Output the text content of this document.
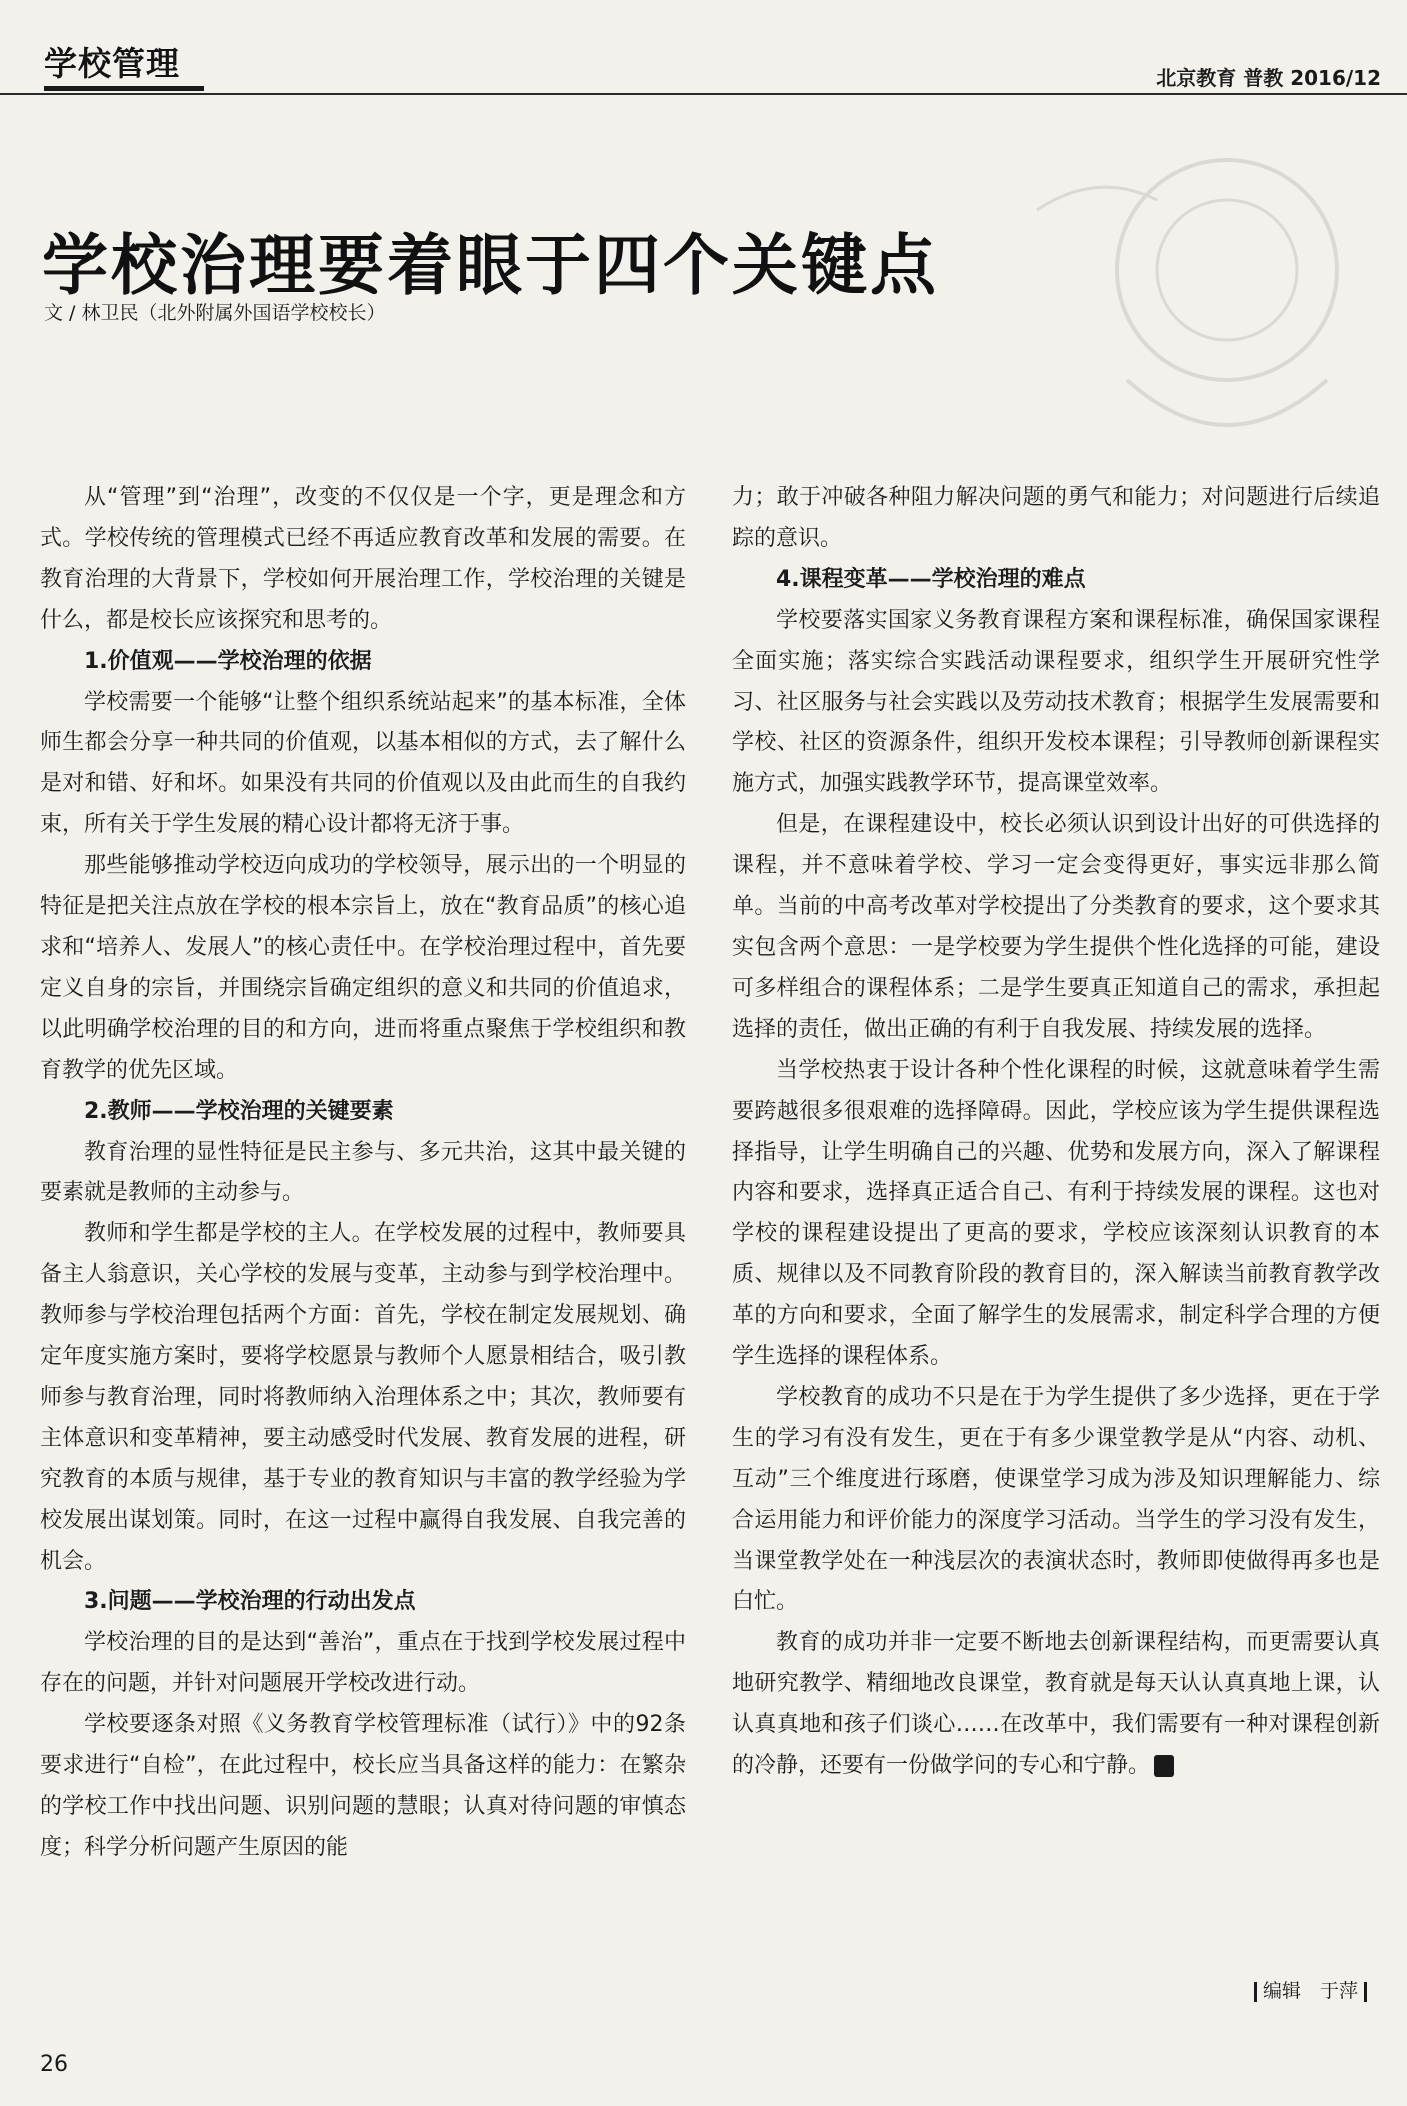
学校管理	北京教育 普教 2016/12
学校治理要着眼于四个关键点
文 / 林卫民（北外附属外国语学校校长）

从“管理”到“治理”，改变的不仅仅是一个字，更是理念和方式。学校传统的管理模式已经不再适应教育改革和发展的需要。在教育治理的大背景下，学校如何开展治理工作，学校治理的关键是什么，都是校长应该探究和思考的。

1.价值观——学校治理的依据

学校需要一个能够“让整个组织系统站起来”的基本标准，全体师生都会分享一种共同的价值观，以基本相似的方式，去了解什么是对和错、好和坏。如果没有共同的价值观以及由此而生的自我约束，所有关于学生发展的精心设计都将无济于事。

那些能够推动学校迈向成功的学校领导，展示出的一个明显的特征是把关注点放在学校的根本宗旨上，放在“教育品质”的核心追求和“培养人、发展人”的核心责任中。在学校治理过程中，首先要定义自身的宗旨，并围绕宗旨确定组织的意义和共同的价值追求，以此明确学校治理的目的和方向，进而将重点聚焦于学校组织和教育教学的优先区域。

2.教师——学校治理的关键要素

教育治理的显性特征是民主参与、多元共治，这其中最关键的要素就是教师的主动参与。

教师和学生都是学校的主人。在学校发展的过程中，教师要具备主人翁意识，关心学校的发展与变革，主动参与到学校治理中。教师参与学校治理包括两个方面：首先，学校在制定发展规划、确定年度实施方案时，要将学校愿景与教师个人愿景相结合，吸引教师参与教育治理，同时将教师纳入治理体系之中；其次，教师要有主体意识和变革精神，要主动感受时代发展、教育发展的进程，研究教育的本质与规律，基于专业的教育知识与丰富的教学经验为学校发展出谋划策。同时，在这一过程中赢得自我发展、自我完善的机会。

3.问题——学校治理的行动出发点

学校治理的目的是达到“善治”，重点在于找到学校发展过程中存在的问题，并针对问题展开学校改进行动。

学校要逐条对照《义务教育学校管理标准（试行）》中的92条要求进行“自检”，在此过程中，校长应当具备这样的能力：在繁杂的学校工作中找出问题、识别问题的慧眼；认真对待问题的审慎态度；科学分析问题产生原因的能

力；敢于冲破各种阻力解决问题的勇气和能力；对问题进行后续追踪的意识。

4.课程变革——学校治理的难点

学校要落实国家义务教育课程方案和课程标准，确保国家课程全面实施；落实综合实践活动课程要求，组织学生开展研究性学习、社区服务与社会实践以及劳动技术教育；根据学生发展需要和学校、社区的资源条件，组织开发校本课程；引导教师创新课程实施方式，加强实践教学环节，提高课堂效率。

但是，在课程建设中，校长必须认识到设计出好的可供选择的课程，并不意味着学校、学习一定会变得更好，事实远非那么简单。当前的中高考改革对学校提出了分类教育的要求，这个要求其实包含两个意思：一是学校要为学生提供个性化选择的可能，建设可多样组合的课程体系；二是学生要真正知道自己的需求，承担起选择的责任，做出正确的有利于自我发展、持续发展的选择。

当学校热衷于设计各种个性化课程的时候，这就意味着学生需要跨越很多很艰难的选择障碍。因此，学校应该为学生提供课程选择指导，让学生明确自己的兴趣、优势和发展方向，深入了解课程内容和要求，选择真正适合自己、有利于持续发展的课程。这也对学校的课程建设提出了更高的要求，学校应该深刻认识教育的本质、规律以及不同教育阶段的教育目的，深入解读当前教育教学改革的方向和要求，全面了解学生的发展需求，制定科学合理的方便学生选择的课程体系。

学校教育的成功不只是在于为学生提供了多少选择，更在于学生的学习有没有发生，更在于有多少课堂教学是从“内容、动机、互动”三个维度进行琢磨，使课堂学习成为涉及知识理解能力、综合运用能力和评价能力的深度学习活动。当学生的学习没有发生，当课堂教学处在一种浅层次的表演状态时，教师即使做得再多也是白忙。

教育的成功并非一定要不断地去创新课程结构，而更需要认真地研究教学、精细地改良课堂，教育就是每天认认真真地上课，认认真真地和孩子们谈心……在改革中，我们需要有一种对课程创新的冷静，还要有一份做学问的专心和宁静。	京

编辑　于萍
26
